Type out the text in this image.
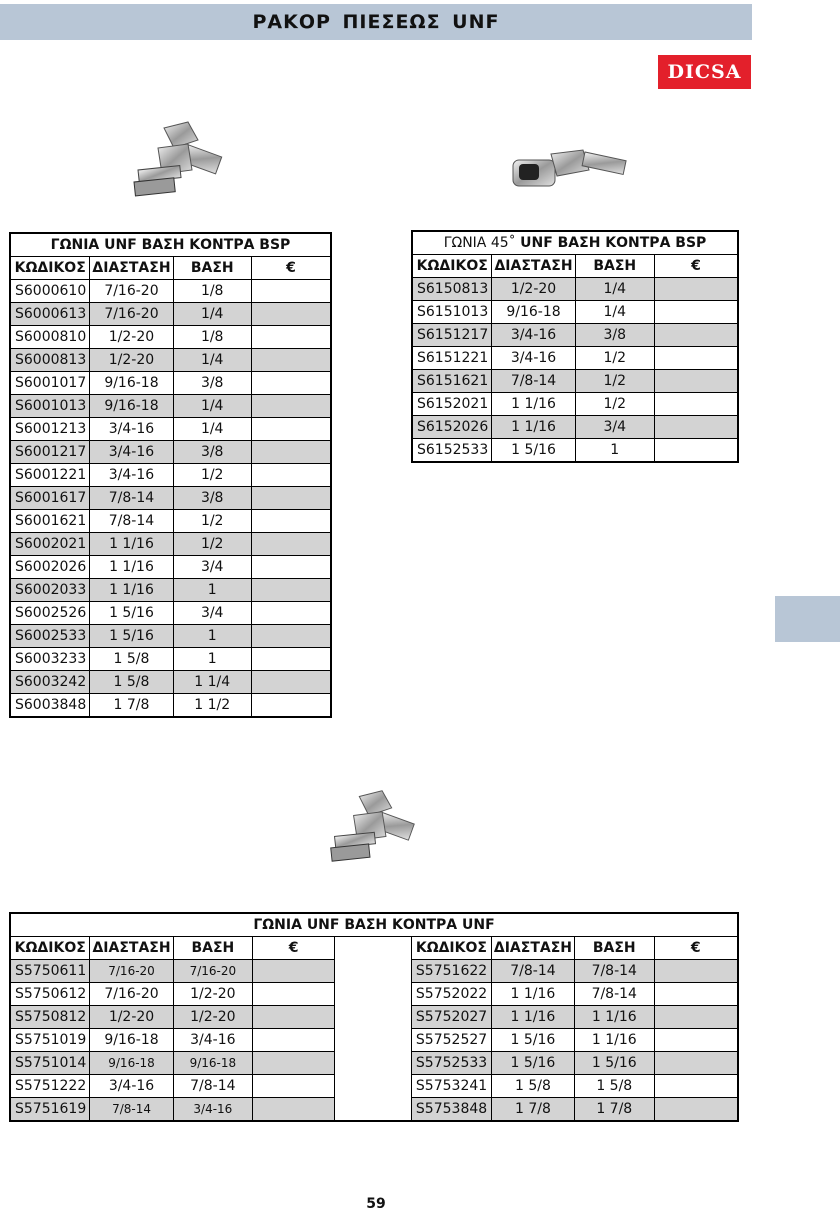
ΡΑΚΟΡ ΠΙΕΣΕΩΣ UNF
DICSA
ΓΩΝΙΑ UNF ΒΑΣΗ ΚΟΝΤΡΑ BSP			
ΚΩΔΙΚΟΣ	ΔΙΑΣΤΑΣΗ	ΒΑΣΗ	€
S6000610	7/16-20	1/8	
S6000613	7/16-20	1/4	
S6000810	1/2-20	1/8	
S6000813	1/2-20	1/4	
S6001017	9/16-18	3/8	
S6001013	9/16-18	1/4	
S6001213	3/4-16	1/4	
S6001217	3/4-16	3/8	
S6001221	3/4-16	1/2	
S6001617	7/8-14	3/8	
S6001621	7/8-14	1/2	
S6002021	1 1/16	1/2	
S6002026	1 1/16	3/4	
S6002033	1 1/16	1	
S6002526	1 5/16	3/4	
S6002533	1 5/16	1	
S6003233	1 5/8	1	
S6003242	1 5/8	1 1/4	
S6003848	1 7/8	1 1/2	
ΓΩΝΙΑ 45˚ UNF ΒΑΣΗ ΚΟΝΤΡΑ BSP			
ΚΩΔΙΚΟΣ	ΔΙΑΣΤΑΣΗ	ΒΑΣΗ	€
S6150813	1/2-20	1/4	
S6151013	9/16-18	1/4	
S6151217	3/4-16	3/8	
S6151221	3/4-16	1/2	
S6151621	7/8-14	1/2	
S6152021	1 1/16	1/2	
S6152026	1 1/16	3/4	
S6152533	1 5/16	1	
ΓΩΝΙΑ UNF ΒΑΣΗ ΚΟΝΤΡΑ UNF								
ΚΩΔΙΚΟΣ	ΔΙΑΣΤΑΣΗ	ΒΑΣΗ	€		ΚΩΔΙΚΟΣ	ΔΙΑΣΤΑΣΗ	ΒΑΣΗ	€
S5750611	7/16-20	7/16-20			S5751622	7/8-14	7/8-14	
S5750612	7/16-20	1/2-20			S5752022	1 1/16	7/8-14	
S5750812	1/2-20	1/2-20			S5752027	1 1/16	1 1/16	
S5751019	9/16-18	3/4-16			S5752527	1 5/16	1 1/16	
S5751014	9/16-18	9/16-18			S5752533	1 5/16	1 5/16	
S5751222	3/4-16	7/8-14			S5753241	1 5/8	1 5/8	
S5751619	7/8-14	3/4-16			S5753848	1 7/8	1 7/8	
59
